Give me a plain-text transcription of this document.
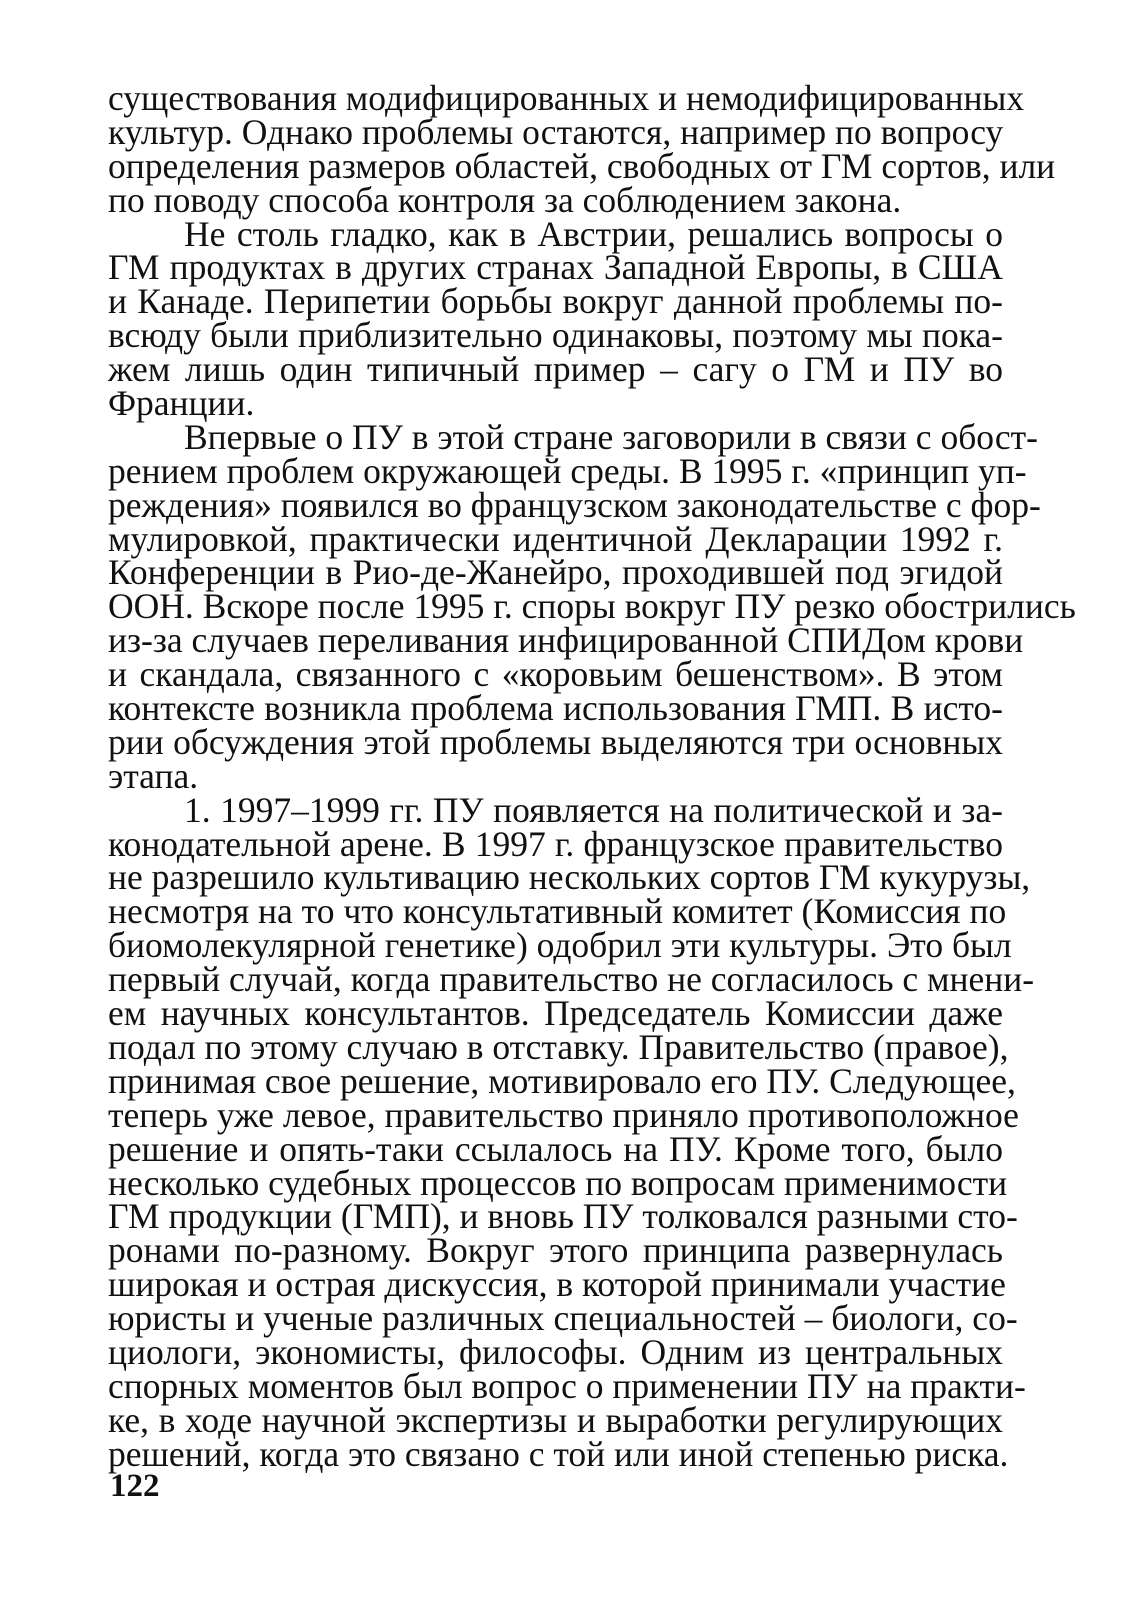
существования модифицированных и немодифицированных
культур. Однако проблемы остаются, например по вопросу
определения размеров областей, свободных от ГМ сортов, или
по поводу способа контроля за соблюдением закона.
Не столь гладко, как в Австрии, решались вопросы о
ГМ продуктах в других странах Западной Европы, в США
и Канаде. Перипетии борьбы вокруг данной проблемы по-
всюду были приблизительно одинаковы, поэтому мы пока-
жем лишь один типичный пример – сагу о ГМ и ПУ во
Франции.
Впервые о ПУ в этой стране заговорили в связи с обост-
рением проблем окружающей среды. В 1995 г. «принцип уп-
реждения» появился во французском законодательстве с фор-
мулировкой, практически идентичной Декларации 1992 г.
Конференции в Рио-де-Жанейро, проходившей под эгидой
ООН. Вскоре после 1995 г. споры вокруг ПУ резко обострились
из-за случаев переливания инфицированной СПИДом крови
и скандала, связанного с «коровьим бешенством». В этом
контексте возникла проблема использования ГМП. В исто-
рии обсуждения этой проблемы выделяются три основных
этапа.
1. 1997–1999 гг. ПУ появляется на политической и за-
конодательной арене. В 1997 г. французское правительство
не разрешило культивацию нескольких сортов ГМ кукурузы,
несмотря на то что консультативный комитет (Комиссия по
биомолекулярной генетике) одобрил эти культуры. Это был
первый случай, когда правительство не согласилось с мнени-
ем научных консультантов. Председатель Комиссии даже
подал по этому случаю в отставку. Правительство (правое),
принимая свое решение, мотивировало его ПУ. Следующее,
теперь уже левое, правительство приняло противоположное
решение и опять-таки ссылалось на ПУ. Кроме того, было
несколько судебных процессов по вопросам применимости
ГМ продукции (ГМП), и вновь ПУ толковался разными сто-
ронами по-разному. Вокруг этого принципа развернулась
широкая и острая дискуссия, в которой принимали участие
юристы и ученые различных специальностей – биологи, со-
циологи, экономисты, философы. Одним из центральных
спорных моментов был вопрос о применении ПУ на практи-
ке, в ходе научной экспертизы и выработки регулирующих
решений, когда это связано с той или иной степенью риска.
122
